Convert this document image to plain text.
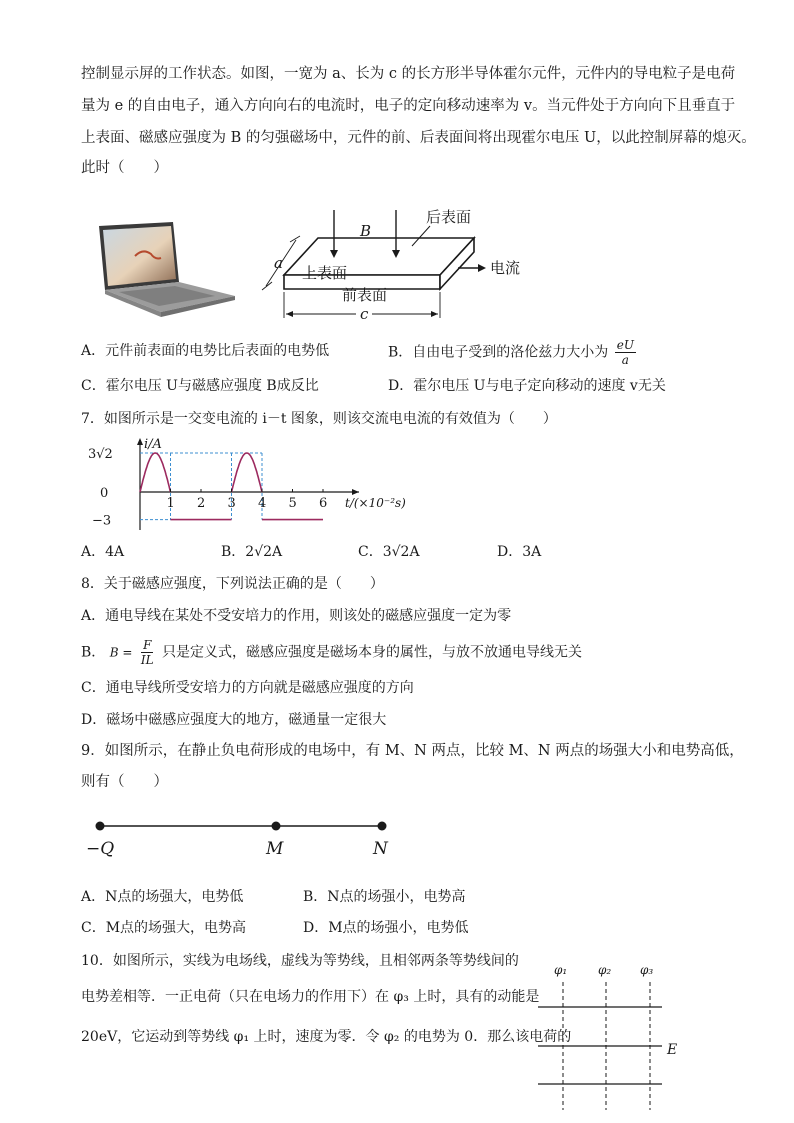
控制显示屏的工作状态。如图，一宽为 a、长为 c 的长方形半导体霍尔元件，元件内的导电粒子是电荷
量为 e 的自由电子，通入方向向右的电流时，电子的定向移动速率为 v。当元件处于方向向下且垂直于
上表面、磁感应强度为 B 的匀强磁场中，元件的前、后表面间将出现霍尔电压 U，以此控制屏幕的熄灭。
此时（　　）
B
后表面
上表面
前表面
电流
a
c
A．元件前表面的电势比后表面的电势低	B．自由电子受到的洛伦兹力大小为 $\frac{eU}{a}$
C．霍尔电压 U与磁感应强度 B成反比	D．霍尔电压 U与电子定向移动的速度 v无关
7．如图所示是一交变电流的 i－t 图象，则该交流电电流的有效值为（　　）
1 2 3 4 5 6
3√2
−3
0
i/A
t/(×10⁻²s)
A．4A	B．2√2A	C．3√2A	D．3A
8．关于磁感应强度，下列说法正确的是（　　）
A．通电导线在某处不受安培力的作用，则该处的磁感应强度一定为零
B． $B = \frac{F}{IL}$ 只是定义式，磁感应强度是磁场本身的属性，与放不放通电导线无关
C．通电导线所受安培力的方向就是磁感应强度的方向
D．磁场中磁感应强度大的地方，磁通量一定很大
9．如图所示，在静止负电荷形成的电场中，有 M、N 两点，比较 M、N 两点的场强大小和电势高低，
则有（　　）
−Q	M	N
A．N点的场强大，电势低	B．N点的场强小，电势高
C．M点的场强大，电势高	D．M点的场强小，电势低
10．如图所示，实线为电场线，虚线为等势线，且相邻两条等势线间的
电势差相等．一正电荷（只在电场力的作用下）在 φ₃ 上时，具有的动能是
20eV，它运动到等势线 φ₁ 上时，速度为零．令 φ₂ 的电势为 0．那么该电荷的
φ₁	φ₂ φ₃
E
